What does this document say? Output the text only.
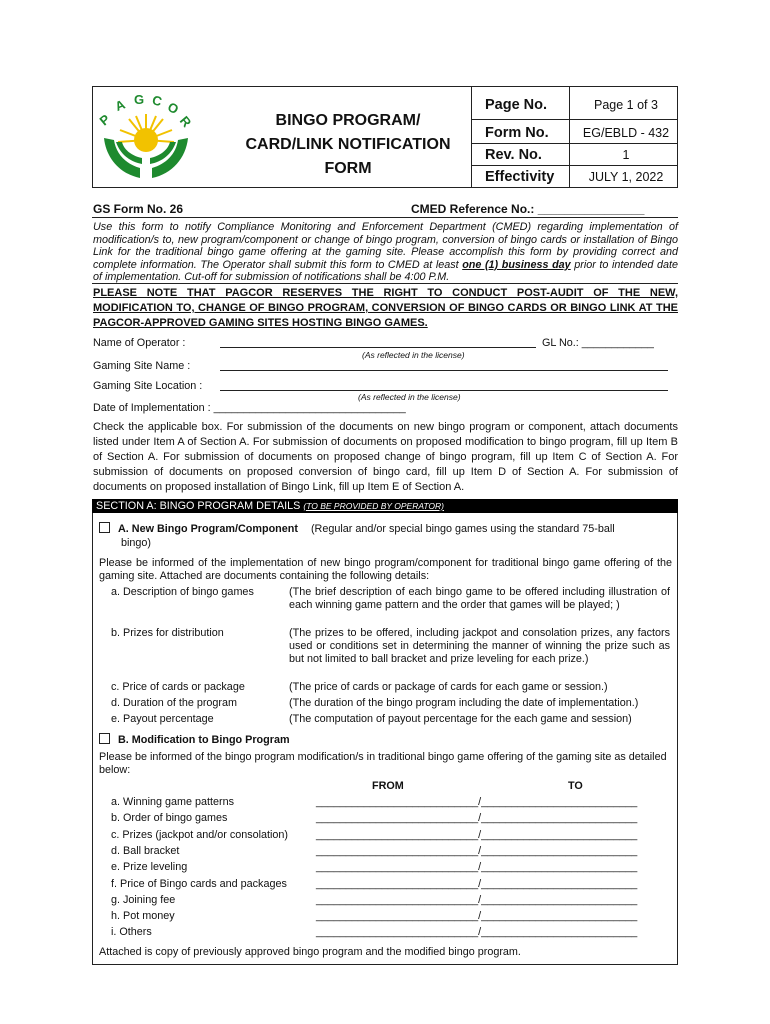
P
A G C O
R	BINGO PROGRAM/
CARD/LINK NOTIFICATION
FORM
Page No.	Page 1 of 3
Form No.	EG/EBLD - 432
Rev. No.	1
Effectivity	JULY 1, 2022
GS Form No. 26	CMED Reference No.: ________________
Use this form to notify Compliance Monitoring and Enforcement Department (CMED) regarding implementation of modification/s to, new program/component or change of bingo program, conversion of bingo cards or installation of Bingo Link for the traditional bingo game offering at the gaming site. Please accomplish this form by providing correct and complete information. The Operator shall submit this form to CMED at least one (1) business day prior to intended date of implementation. Cut-off for submission of notifications shall be 4:00 P.M.
PLEASE NOTE THAT PAGCOR RESERVES THE RIGHT TO CONDUCT POST-AUDIT OF THE NEW, MODIFICATION TO, CHANGE OF BINGO PROGRAM, CONVERSION OF BINGO CARDS OR BINGO LINK AT THE PAGCOR-APPROVED GAMING SITES HOSTING BINGO GAMES.
Name of Operator :	GL No.: ____________
(As reflected in the license)
Gaming Site Name :
Gaming Site Location :
(As reflected in the license)
Date of Implementation : ________________________________
Check the applicable box. For submission of the documents on new bingo program or component, attach documents listed under Item A of Section A. For submission of documents on proposed modification to bingo program, fill up Item B of Section A. For submission of documents on proposed change of bingo program, fill up Item C of Section A. For submission of documents on proposed conversion of bingo card, fill up Item D of Section A. For submission of documents on proposed installation of Bingo Link, fill up Item E of Section A.
SECTION A: BINGO PROGRAM DETAILS (TO BE PROVIDED BY OPERATOR)
A. New Bingo Program/Component (Regular and/or special bingo games using the standard 75-ball
bingo)
Please be informed of the implementation of new bingo program/component for traditional bingo game offering of the gaming site. Attached are documents containing the following details:
a. Description of bingo games	(The brief description of each bingo game to be offered including illustration of each winning game pattern and the order that games will be played; )
b. Prizes for distribution	(The prizes to be offered, including jackpot and consolation prizes, any factors used or conditions set in determining the manner of winning the prize such as but not limited to ball bracket and prize leveling for each prize.)
c. Price of cards or package	(The price of cards or package of cards for each game or session.)
d. Duration of the program	(The duration of the bingo program including the date of implementation.)
e. Payout percentage	(The computation of payout percentage for the each game and session)
B. Modification to Bingo Program
Please be informed of the bingo program modification/s in traditional bingo game offering of the gaming site as detailed below:
FROM	TO
a. Winning game patterns	___________________________/__________________________
b. Order of bingo games	___________________________/__________________________
c. Prizes (jackpot and/or consolation)	___________________________/__________________________
d. Ball bracket	___________________________/__________________________
e. Prize leveling	___________________________/__________________________
f. Price of Bingo cards and packages	___________________________/__________________________
g. Joining fee	___________________________/__________________________
h. Pot money	___________________________/__________________________
i. Others	___________________________/__________________________
Attached is copy of previously approved bingo program and the modified bingo program.
